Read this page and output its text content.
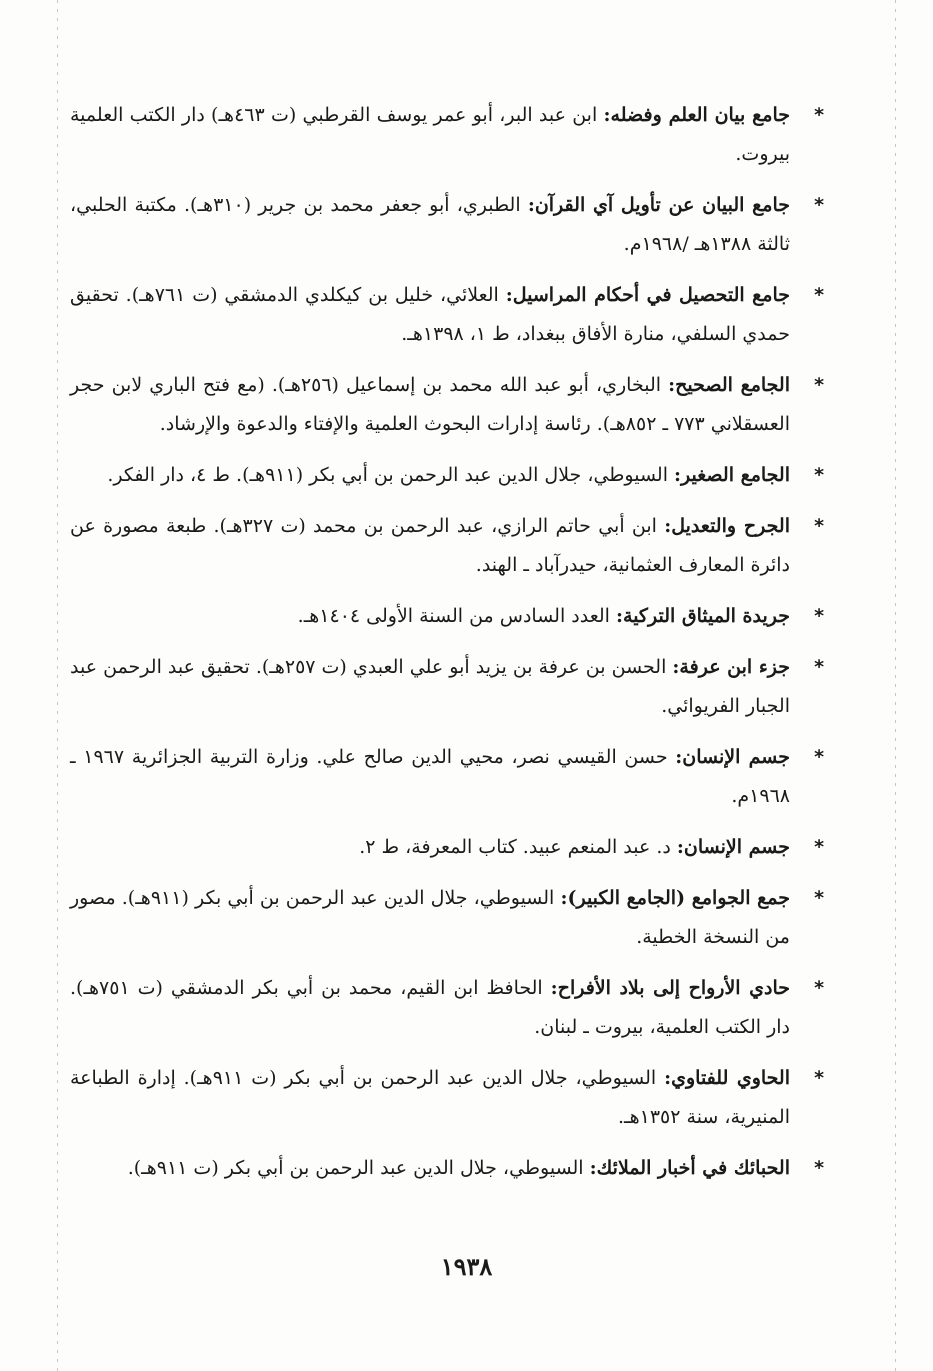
*
جامع بيان العلم وفضله: ابن عبد البر، أبو عمر يوسف القرطبي (ت ٤٦٣هـ) دار الكتب العلمية بيروت.
*
جامع البيان عن تأويل آي القرآن: الطبري، أبو جعفر محمد بن جرير (٣١٠هـ). مكتبة الحلبي، ثالثة ١٣٨٨هـ /١٩٦٨م.
*
جامع التحصيل في أحكام المراسيل: العلائي، خليل بن كيكلدي الدمشقي (ت ٧٦١هـ). تحقيق حمدي السلفي، منارة الأفاق ببغداد، ط ١، ١٣٩٨هـ.
*
الجامع الصحيح: البخاري، أبو عبد الله محمد بن إسماعيل (٢٥٦هـ). (مع فتح الباري لابن حجر العسقلاني ٧٧٣ ـ ٨٥٢هـ). رئاسة إدارات البحوث العلمية والإفتاء والدعوة والإرشاد.
*
الجامع الصغير: السيوطي، جلال الدين عبد الرحمن بن أبي بكر (٩١١هـ). ط ٤، دار الفكر.
*
الجرح والتعديل: ابن أبي حاتم الرازي، عبد الرحمن بن محمد (ت ٣٢٧هـ). طبعة مصورة عن دائرة المعارف العثمانية، حيدرآباد ـ الهند.
*
جريدة الميثاق التركية: العدد السادس من السنة الأولى ١٤٠٤هـ.
*
جزء ابن عرفة: الحسن بن عرفة بن يزيد أبو علي العبدي (ت ٢٥٧هـ). تحقيق عبد الرحمن عبد الجبار الفريوائي.
*
جسم الإنسان: حسن القيسي نصر، محيي الدين صالح علي. وزارة التربية الجزائرية ١٩٦٧ ـ ١٩٦٨م.
*
جسم الإنسان: د. عبد المنعم عبيد. كتاب المعرفة، ط ٢.
*
جمع الجوامع (الجامع الكبير): السيوطي، جلال الدين عبد الرحمن بن أبي بكر (٩١١هـ). مصور من النسخة الخطية.
*
حادي الأرواح إلى بلاد الأفراح: الحافظ ابن القيم، محمد بن أبي بكر الدمشقي (ت ٧٥١هـ). دار الكتب العلمية، بيروت ـ لبنان.
*
الحاوي للفتاوي: السيوطي، جلال الدين عبد الرحمن بن أبي بكر (ت ٩١١هـ). إدارة الطباعة المنيرية، سنة ١٣٥٢هـ.
*
الحبائك في أخبار الملائك: السيوطي، جلال الدين عبد الرحمن بن أبي بكر (ت ٩١١هـ).
١٩٣٨
